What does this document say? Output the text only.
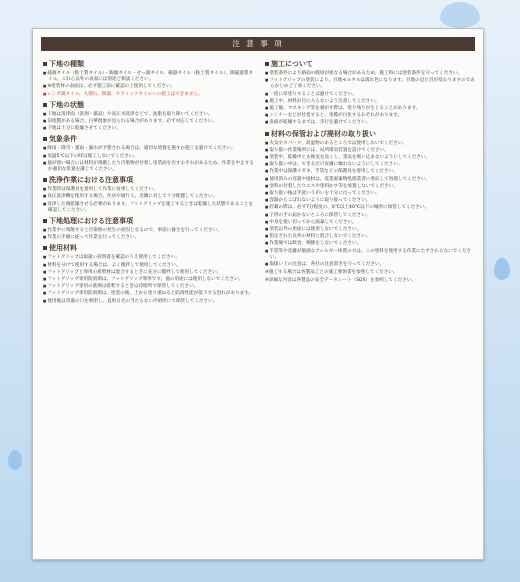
注 意 事 項
下地の種類
■ 磁器タイル（粘土質タイル）・陶器タイル・せっ器タイル、磁器タイル（粘土質タイル）、陶磁器質タイル。これら以外の表面には別途ご相談ください。
■ ※塗装材の表面は、必ず施工前に確認の上使用してください。
■ レンガ調タイル、大理石、陶器、セラミックタイルへの施工はできません。
下地の状態
■ 下地は清浄面（洗剤・薬品）や高圧水洗浄などで、油脂を取り除いてください。
■ 旧塗膜がある場合、白華現象が見られる場合があります。必ず対応してください。
■ 下地は十分に乾燥させてください。
気象条件
■ 降雨・降雪・霧雨・漏水が予想される場合は、適切な処置を施すか施工を避けてください。
■ 気温5℃以下の時は施工しないでください。
■ 風が強い場合には材料が飛散したり汚染物が付着し塗装面を汚すおそれがあるため、作業を中止するか適切な処置を講じてください。
洗浄作業における注意事項
■ 作業時は保護具を着用して作業に従事してください。
■ 高圧洗浄機を使用する場合、住居や通行人、近隣に対して十分配慮してください。
■ 洗浄した後乾燥させる必要があります。フットグリップを施工するときは乾燥した状態であることを確認してください。
下地処理における注意事項
■ 作業中に飛散すると汚染物の発生の原因となるので、事前に養生を行ってください。
■ 作業の手順に従って作業を行ってください。
使用材料
■ フットグリップは取扱い説明書を確認のうえ使用してください。
■ 材料を分けて使用する場合は、よく攪拌して使用してください。
■ フットグリップと専用の希釈材は混合するときに充分に攪拌して使用してください。
■ フットグリップ専用防滑剤は、フットグリップ専用です。他の用途には使用しないでください。
■ フットグリップ専用の液剤は希釈するときは冷暗所で保管してください。
■ フットグリップ専用防滑剤は、塗装の後、上から塗り重ねると防滑性能が低下する恐れがあります。
■ 使用後は容器の口を密閉し、直射日光の当たらない冷暗所にて保管してください。
施工について
■ 塗装条件により路面の膜厚が異なる場合があるため、施工時には塗装条件を守ってください。
■ フットグリップの塗装により、目地モルタルは濡れ色になります。目地の見た目が変わりますのであらかじめご了承ください。
■ 一度に厚塗りすることは避けてください。
■ 施工中、材料が目に入らないよう注意してください。
■ 施工後、マスキング等を剥がす際は、塗り残りが生じることがあります。
■ シンナーなどが付着すると、塗膜が白化するおそれがあります。
■ 表面が乾燥するまでは、歩行を避けてください。
材料の保管および廃材の取り扱い
■ 火気やスパーク、高温物のあるところでは使用しないでください。
■ 取り扱い作業場所には、局所排気装置を設けてください。
■ 塗装中、乾燥中とも換気を良くし、蒸気を吸い込まないようにしてください。
■ 取り扱い中は、できるだけ皮膚に触れないようにしてください。
■ 作業中は保護メガネ、手袋などの保護具を着用してください。
■ 使用済みの容器や廃材は、産業廃棄物処理業者に委託して処理してください。
■ 塗料の付着したウエスや塗料かす等を放置しないでください。
■ 取り扱い後は手洗いうがいを十分に行ってください。
■ 容器からこぼれないように取り扱ってください。
■ 貯蔵の際は、必ず7分程度の、0℃以上40℃以下の場所に保管してください。
■ 子供の手の届かないところに保管してください。
■ 中身を使い切ってから廃棄してください。
■ 塗装以外の用途には使用しないでください。
■ 指定された以外の材料と混合しないでください。
■ 作業場では飲食、喫煙をしないでください。
■ 手袋等や皮膚が敏感なアレルギー体質の方は、この塗料を使用する作業にたずさわらないでください。
■ 取扱い上の注意は、各社の注意書きを守ってください。
※施工する場合は各製品ごとの施工要領書を参照してください。
※詳細な内容は各製品の安全データシート（SDS）を参照してください。
